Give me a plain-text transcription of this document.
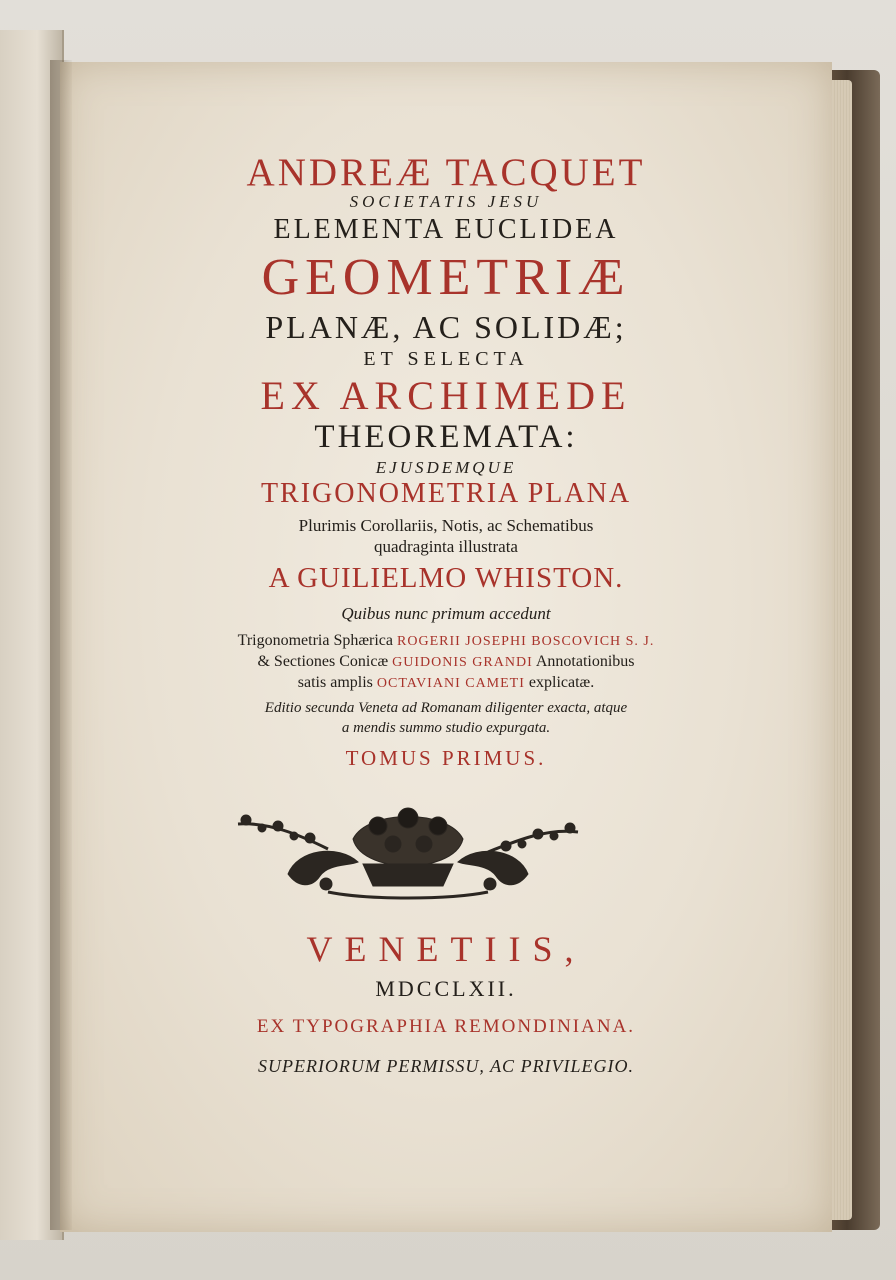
ANDREÆ TACQUET

SOCIETATIS JESU

ELEMENTA EUCLIDEA

GEOMETRIÆ

PLANÆ, AC SOLIDÆ;

ET SELECTA

EX ARCHIMEDE

THEOREMATA:

EJUSDEMQUE

TRIGONOMETRIA PLANA

Plurimis Corollariis, Notis, ac Schematibus

quadraginta illustrata

A GUILIELMO WHISTON.

Quibus nunc primum accedunt

Trigonometria Sphærica ROGERII JOSEPHI BOSCOVICH S. J.

& Sectiones Conicæ GUIDONIS GRANDI Annotationibus

satis amplis OCTAVIANI CAMETI explicatæ.

Editio secunda Veneta ad Romanam diligenter exacta, atque

a mendis summo studio expurgata.

TOMUS PRIMUS.

VENETIIS,

MDCCLXII.

EX TYPOGRAPHIA REMONDINIANA.

SUPERIORUM PERMISSU, AC PRIVILEGIO.
